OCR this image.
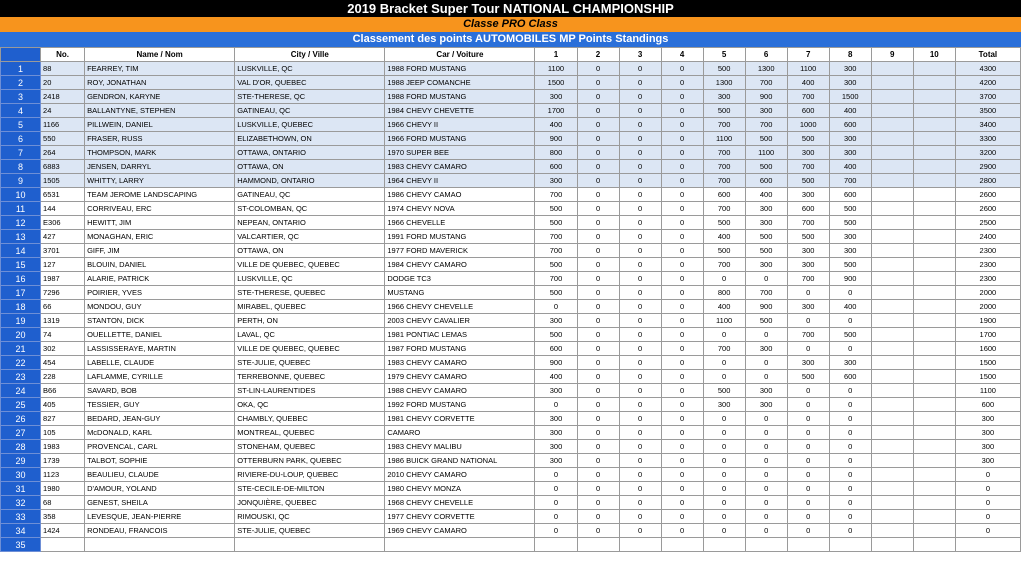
2019 Bracket Super Tour NATIONAL CHAMPIONSHIP
Classe PRO Class
Classement des points AUTOMOBILES MP Points Standings
	No.	Name / Nom	City / Ville	Car / Voiture	1	2	3	4	5	6	7	8	9	10	Total
1	88	FEARREY, TIM	LUSKVILLE, QC	1988 FORD MUSTANG	1100	0	0	0	500	1300	1100	300			4300
2	20	ROY, JONATHAN	VAL D'OR, QUEBEC	1988 JEEP COMANCHE	1500	0	0	0	1300	700	400	300			4200
3	2418	GENDRON, KARYNE	STE-THERESE, QC	1988 FORD MUSTANG	300	0	0	0	300	900	700	1500			3700
4	24	BALLANTYNE, STEPHEN	GATINEAU, QC	1984 CHEVY CHEVETTE	1700	0	0	0	500	300	600	400			3500
5	1166	PILLWEIN, DANIEL	LUSKVILLE, QUEBEC	1966 CHEVY II	400	0	0	0	700	700	1000	600			3400
6	550	FRASER, RUSS	ELIZABETHOWN, ON	1966 FORD MUSTANG	900	0	0	0	1100	500	500	300			3300
7	264	THOMPSON, MARK	OTTAWA, ONTARIO	1970 SUPER BEE	800	0	0	0	700	1100	300	300			3200
8	6883	JENSEN, DARRYL	OTTAWA, ON	1983 CHEVY CAMARO	600	0	0	0	700	500	700	400			2900
9	1505	WHITTY, LARRY	HAMMOND, ONTARIO	1964 CHEVY II	300	0	0	0	700	600	500	700			2800
10	6531	TEAM JEROME LANDSCAPING	GATINEAU, QC	1986 CHEVY CAMAO	700	0	0	0	600	400	300	600			2600
11	144	CORRIVEAU, ERC	ST-COLOMBAN, QC	1974 CHEVY NOVA	500	0	0	0	700	300	600	500			2600
12	E306	HEWITT, JIM	NEPEAN, ONTARIO	1966 CHEVELLE	500	0	0	0	500	300	700	500			2500
13	427	MONAGHAN, ERIC	VALCARTIER, QC	1991 FORD MUSTANG	700	0	0	0	400	500	500	300			2400
14	3701	GIFF, JIM	OTTAWA, ON	1977 FORD MAVERICK	700	0	0	0	500	500	300	300			2300
15	127	BLOUIN, DANIEL	VILLE DE QUEBEC, QUEBEC	1984 CHEVY CAMARO	500	0	0	0	700	300	300	500			2300
16	1987	ALARIE, PATRICK	LUSKVILLE, QC	DODGE TC3	700	0	0	0	0	0	700	900			2300
17	7296	POIRIER, YVES	STE-THERESE, QUEBEC	MUSTANG	500	0	0	0	800	700	0	0			2000
18	66	MONDOU, GUY	MIRABEL, QUEBEC	1966 CHEVY CHEVELLE	0	0	0	0	400	900	300	400			2000
19	1319	STANTON, DICK	PERTH, ON	2003 CHEVY CAVALIER	300	0	0	0	1100	500	0	0			1900
20	74	OUELLETTE, DANIEL	LAVAL, QC	1981 PONTIAC LEMAS	500	0	0	0	0	0	700	500			1700
21	302	LASSISSERAYE, MARTIN	VILLE DE QUEBEC, QUEBEC	1987 FORD MUSTANG	600	0	0	0	700	300	0	0			1600
22	454	LABELLE, CLAUDE	STE-JULIE, QUEBEC	1983 CHEVY CAMARO	900	0	0	0	0	0	300	300			1500
23	228	LAFLAMME, CYRILLE	TERREBONNE, QUEBEC	1979 CHEVY CAMARO	400	0	0	0	0	0	500	600			1500
24	B66	SAVARD, BOB	ST-LIN-LAURENTIDES	1988 CHEVY CAMARO	300	0	0	0	500	300	0	0			1100
25	405	TESSIER, GUY	OKA, QC	1992 FORD MUSTANG	0	0	0	0	300	300	0	0			600
26	827	BEDARD, JEAN-GUY	CHAMBLY, QUEBEC	1981 CHEVY CORVETTE	300	0	0	0	0	0	0	0			300
27	105	McDONALD, KARL	MONTREAL, QUEBEC	CAMARO	300	0	0	0	0	0	0	0			300
28	1983	PROVENCAL, CARL	STONEHAM, QUEBEC	1983 CHEVY MALIBU	300	0	0	0	0	0	0	0			300
29	1739	TALBOT, SOPHIE	OTTERBURN PARK, QUEBEC	1986 BUICK GRAND NATIONAL	300	0	0	0	0	0	0	0			300
30	1123	BEAULIEU, CLAUDE	RIVIERE-DU-LOUP, QUEBEC	2010 CHEVY CAMARO	0	0	0	0	0	0	0	0			0
31	1980	D'AMOUR, YOLAND	STE-CECILE-DE-MILTON	1980 CHEVY MONZA	0	0	0	0	0	0	0	0			0
32	68	GENEST, SHEILA	JONQUIÈRE, QUEBEC	1968 CHEVY CHEVELLE	0	0	0	0	0	0	0	0			0
33	358	LEVESQUE, JEAN-PIERRE	RIMOUSKI, QC	1977 CHEVY CORVETTE	0	0	0	0	0	0	0	0			0
34	1424	RONDEAU, FRANCOIS	STE-JULIE, QUEBEC	1969 CHEVY CAMARO	0	0	0	0	0	0	0	0			0
35															
